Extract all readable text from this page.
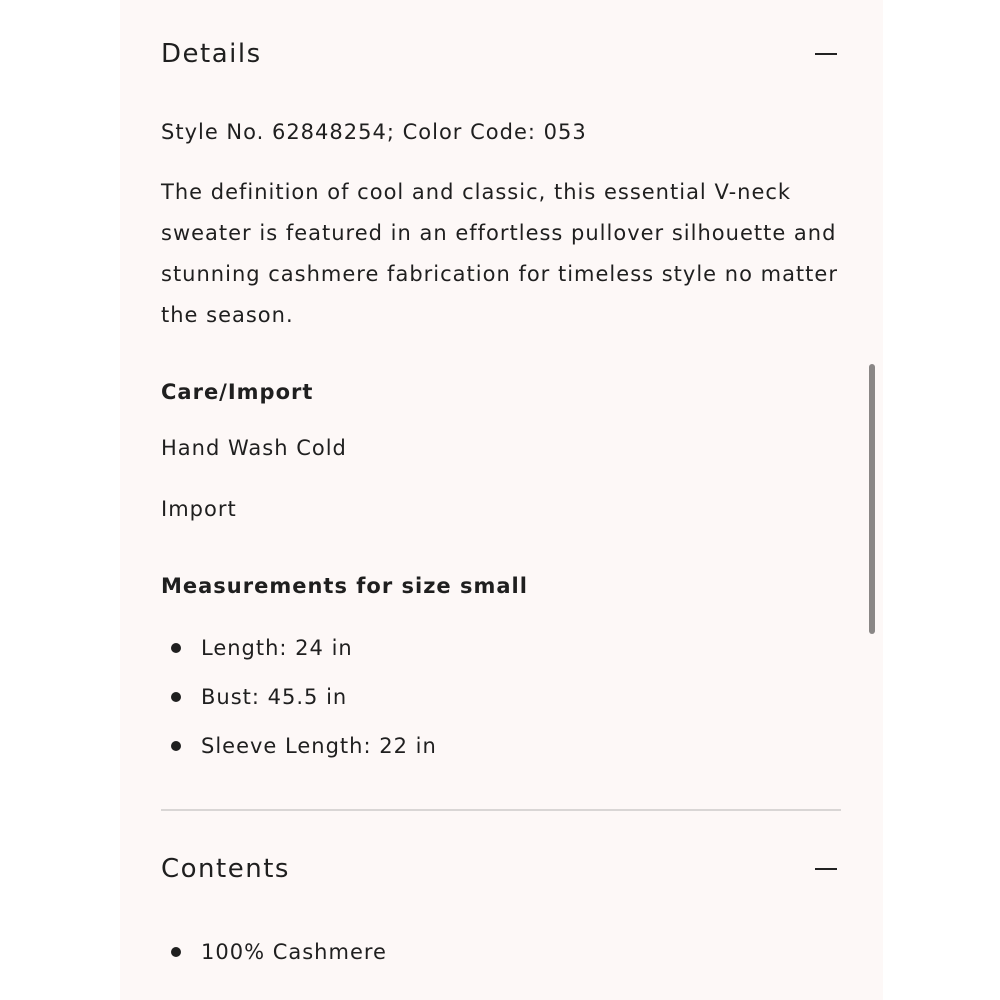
Details
Style No. 62848254; Color Code: 053
The definition of cool and classic, this essential V-neck sweater is featured in an effortless pullover silhouette and stunning cashmere fabrication for timeless style no matter the season.
Care/Import
Hand Wash Cold
Import
Measurements for size small
Length: 24 in
Bust: 45.5 in
Sleeve Length: 22 in
Contents
100% Cashmere
